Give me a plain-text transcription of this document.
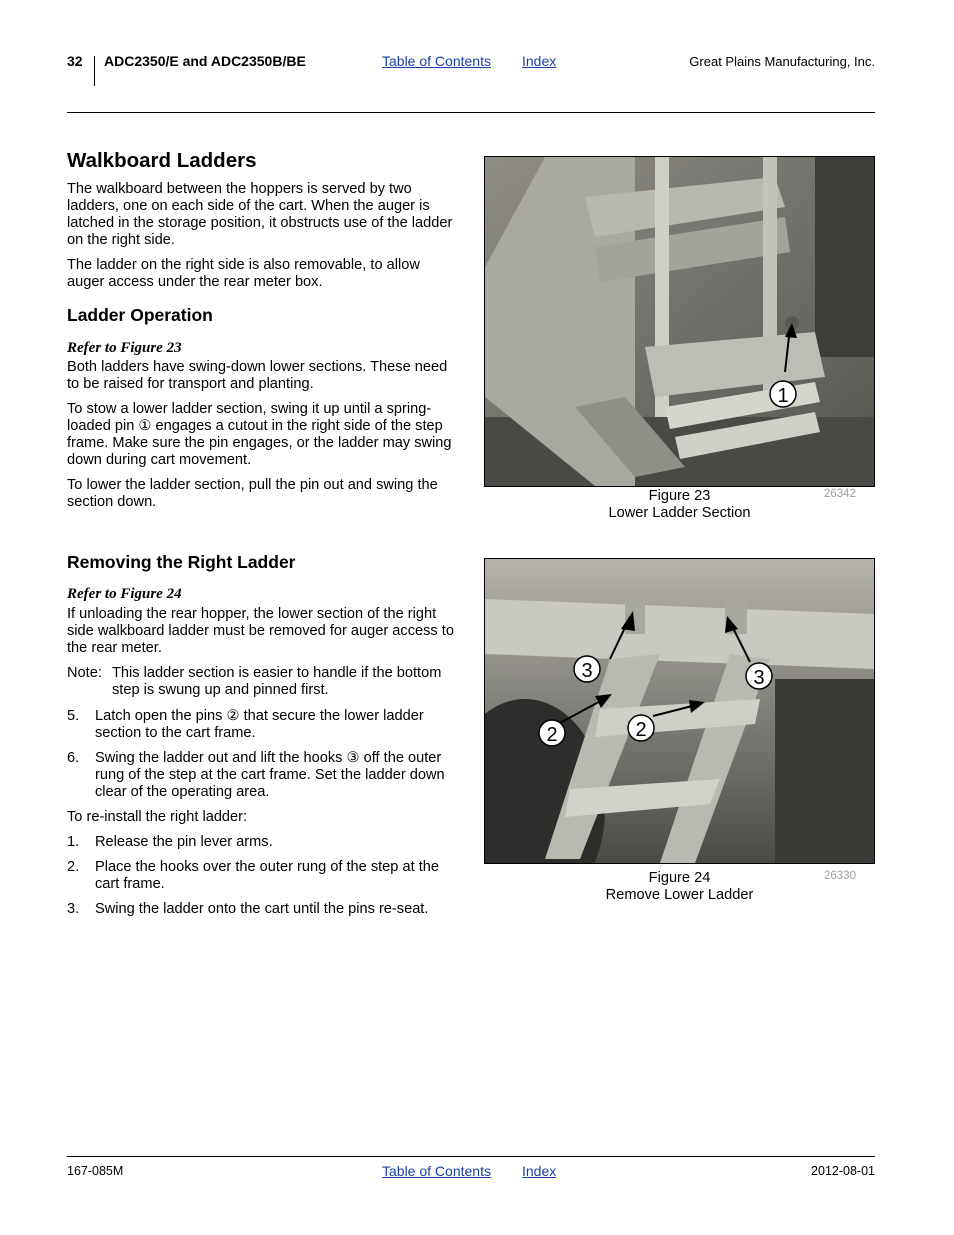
32 ADC2350/E and ADC2350B/BE	Table of Contents Index	Great Plains Manufacturing, Inc.
Walkboard Ladders

The walkboard between the hoppers is served by two ladders, one on each side of the cart. When the auger is latched in the storage position, it obstructs use of the ladder on the right side.

The ladder on the right side is also removable, to allow auger access under the rear meter box.

Ladder Operation
Refer to Figure 23

Both ladders have swing-down lower sections. These need to be raised for transport and planting.

To stow a lower ladder section, swing it up until a spring-loaded pin ① engages a cutout in the right side of the step frame. Make sure the pin engages, or the ladder may swing down during cart movement.

To lower the ladder section, pull the pin out and swing the section down.

Removing the Right Ladder
Refer to Figure 24

If unloading the rear hopper, the lower section of the right side walkboard ladder must be removed for auger access to the rear meter.

Note: This ladder section is easier to handle if the bottom step is swung up and pinned first.
5. Latch open the pins ② that secure the lower ladder section to the cart frame.
6. Swing the ladder out and lift the hooks ③ off the outer rung of the step at the cart frame. Set the ladder down clear of the operating area.

To re-install the right ladder:

1. Release the pin lever arms.
2. Place the hooks over the outer rung of the step at the cart frame.
3. Swing the ladder onto the cart until the pins re-seat.
1
Figure 23
Lower Ladder Section
26342
3	3
2	2
Figure 24
Remove Lower Ladder
26330
167-085M	Table of Contents Index	2012-08-01
